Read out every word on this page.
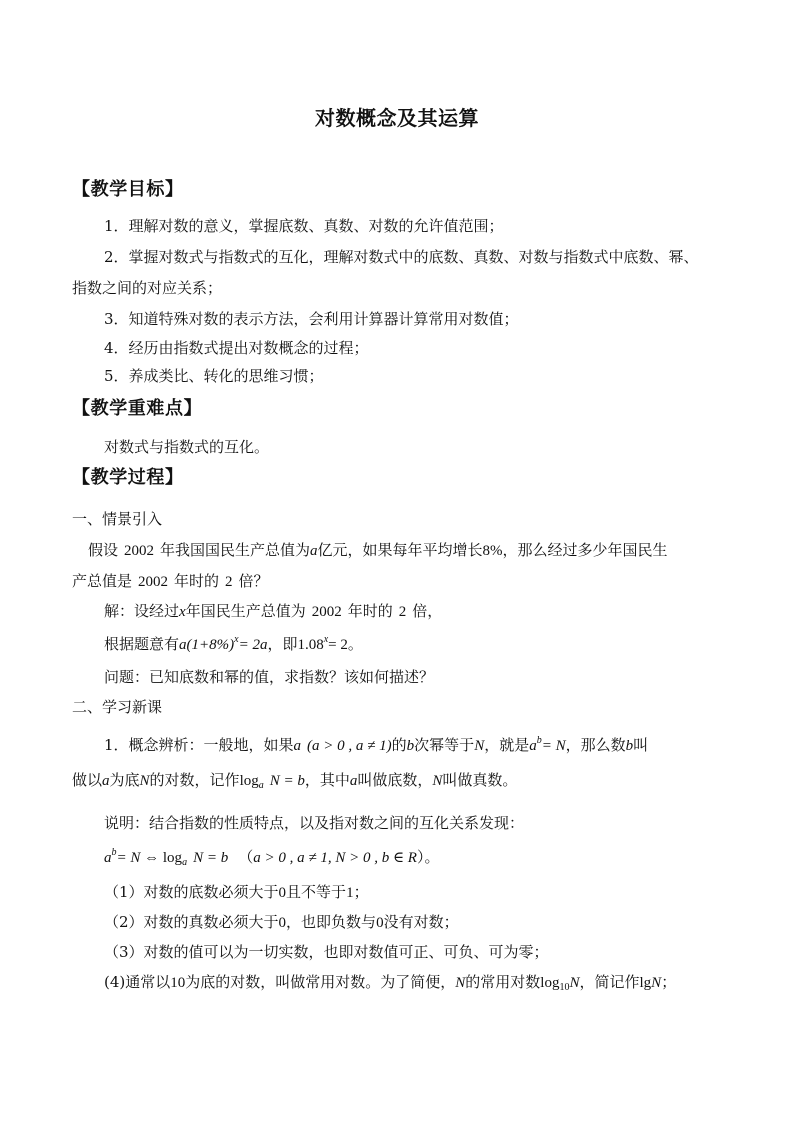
对数概念及其运算
【教学目标】
1．理解对数的意义，掌握底数、真数、对数的允许值范围；
2．掌握对数式与指数式的互化，理解对数式中的底数、真数、对数与指数式中底数、幂、
指数之间的对应关系；
3．知道特殊对数的表示方法，会利用计算器计算常用对数值；
4．经历由指数式提出对数概念的过程；
5．养成类比、转化的思维习惯；
【教学重难点】
对数式与指数式的互化。
【教学过程】
一、情景引入
假设 2002 年我国国民生产总值为a亿元，如果每年平均增长8%，那么经过多少年国民生
产总值是 2002 年时的 2 倍？
解：设经过x年国民生产总值为 2002 年时的 2 倍，
根据题意有$a(1+8\%)^x= 2a$，即$1.08^x= 2$。
问题：已知底数和幂的值，求指数？该如何描述？
二、学习新课
1．概念辨析：一般地，如果a (a > 0 , a ≠ 1)的b次幂等于N，就是$a^b= N$，那么数b叫
做以a为底N的对数，记作$\log_a N = b$，其中a叫做底数，N叫做真数。
说明：结合指数的性质特点，以及指对数之间的互化关系发现：
$a^b= N$ ⇔ $\log_a N = b$ （a > 0 , a ≠ 1, N > 0 , b ∈ R）。
（1）对数的底数必须大于0且不等于1；
（2）对数的真数必须大于0，也即负数与0没有对数；
（3）对数的值可以为一切实数，也即对数值可正、可负、可为零；
(4)通常以10为底的对数，叫做常用对数。为了简便，N的常用对数$\log_{10}N$，简记作lgN；
